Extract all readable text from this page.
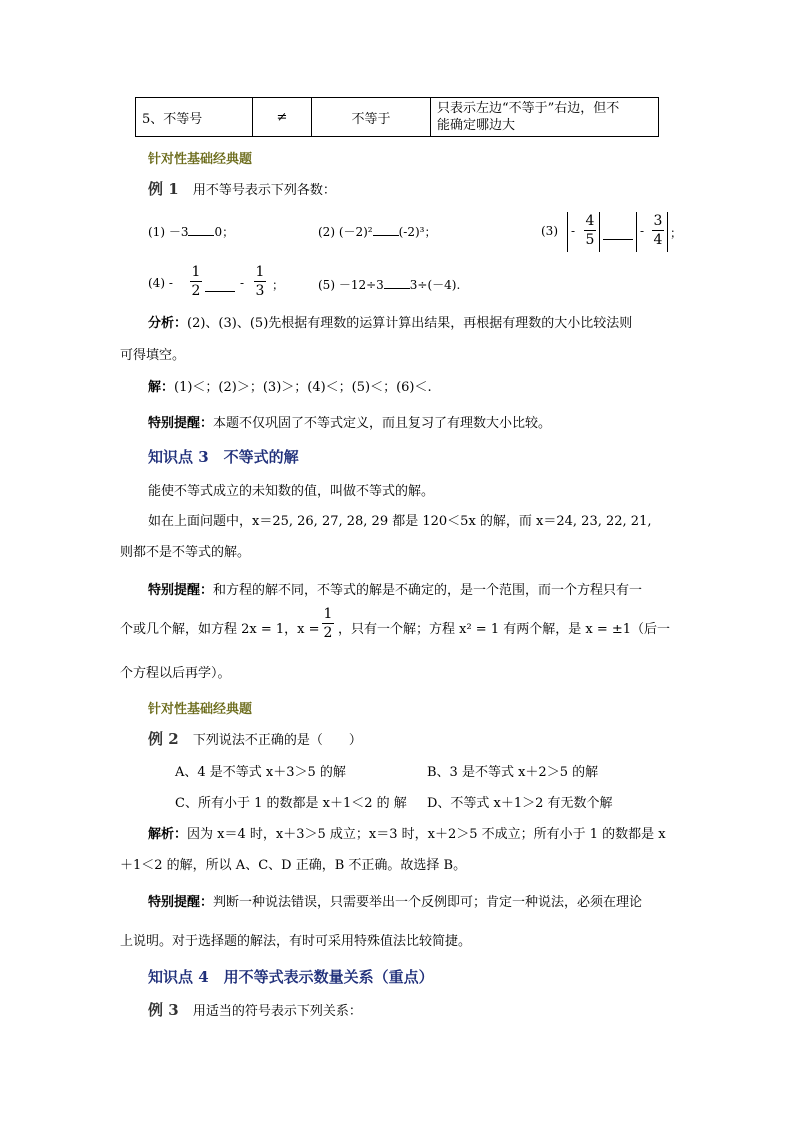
5、不等号	≠	不等于	
只表示左边“不等于”右边，但不
能确定哪边大
针对性基础经典题
例 1 用不等号表示下列各数：
(1) －3 0；	(2) (－2)² (-2)³；	(3) -
4
5
-
3
4 ；
(4) -
1
2	-
1
3 ；	(5) －12÷3 3÷(－4).
分析：(2)、(3)、(5)先根据有理数的运算计算出结果，再根据有理数的大小比较法则
可得填空。
解：(1)＜；(2)＞；(3)＞；(4)＜；(5)＜；(6)＜.
特别提醒：本题不仅巩固了不等式定义，而且复习了有理数大小比较。
知识点 3　不等式的解
能使不等式成立的未知数的值，叫做不等式的解。
如在上面问题中，x＝25, 26, 27, 28, 29 都是 120＜5x 的解，而 x＝24, 23, 22, 21,
则都不是不等式的解。
特别提醒：和方程的解不同，不等式的解是不确定的，是一个范围，而一个方程只有一
个或几个解，如方程 2x = 1，x =
1
2 ，只有一个解；方程 x² = 1 有两个解，是 x = ±1（后一
个方程以后再学）。
针对性基础经典题
例 2 下列说法不正确的是（　　）
A、4 是不等式 x＋3＞5 的解	B、3 是不等式 x＋2＞5 的解
C、所有小于 1 的数都是 x＋1＜2 的 解 D、不等式 x＋1＞2 有无数个解
解析：因为 x＝4 时，x＋3＞5 成立；x＝3 时，x＋2＞5 不成立；所有小于 1 的数都是 x
＋1＜2 的解，所以 A、C、D 正确，B 不正确。故选择 B。
特别提醒：判断一种说法错误，只需要举出一个反例即可；肯定一种说法，必须在理论
上说明。对于选择题的解法，有时可采用特殊值法比较简捷。
知识点 4　用不等式表示数量关系（重点）
例 3 用适当的符号表示下列关系：
